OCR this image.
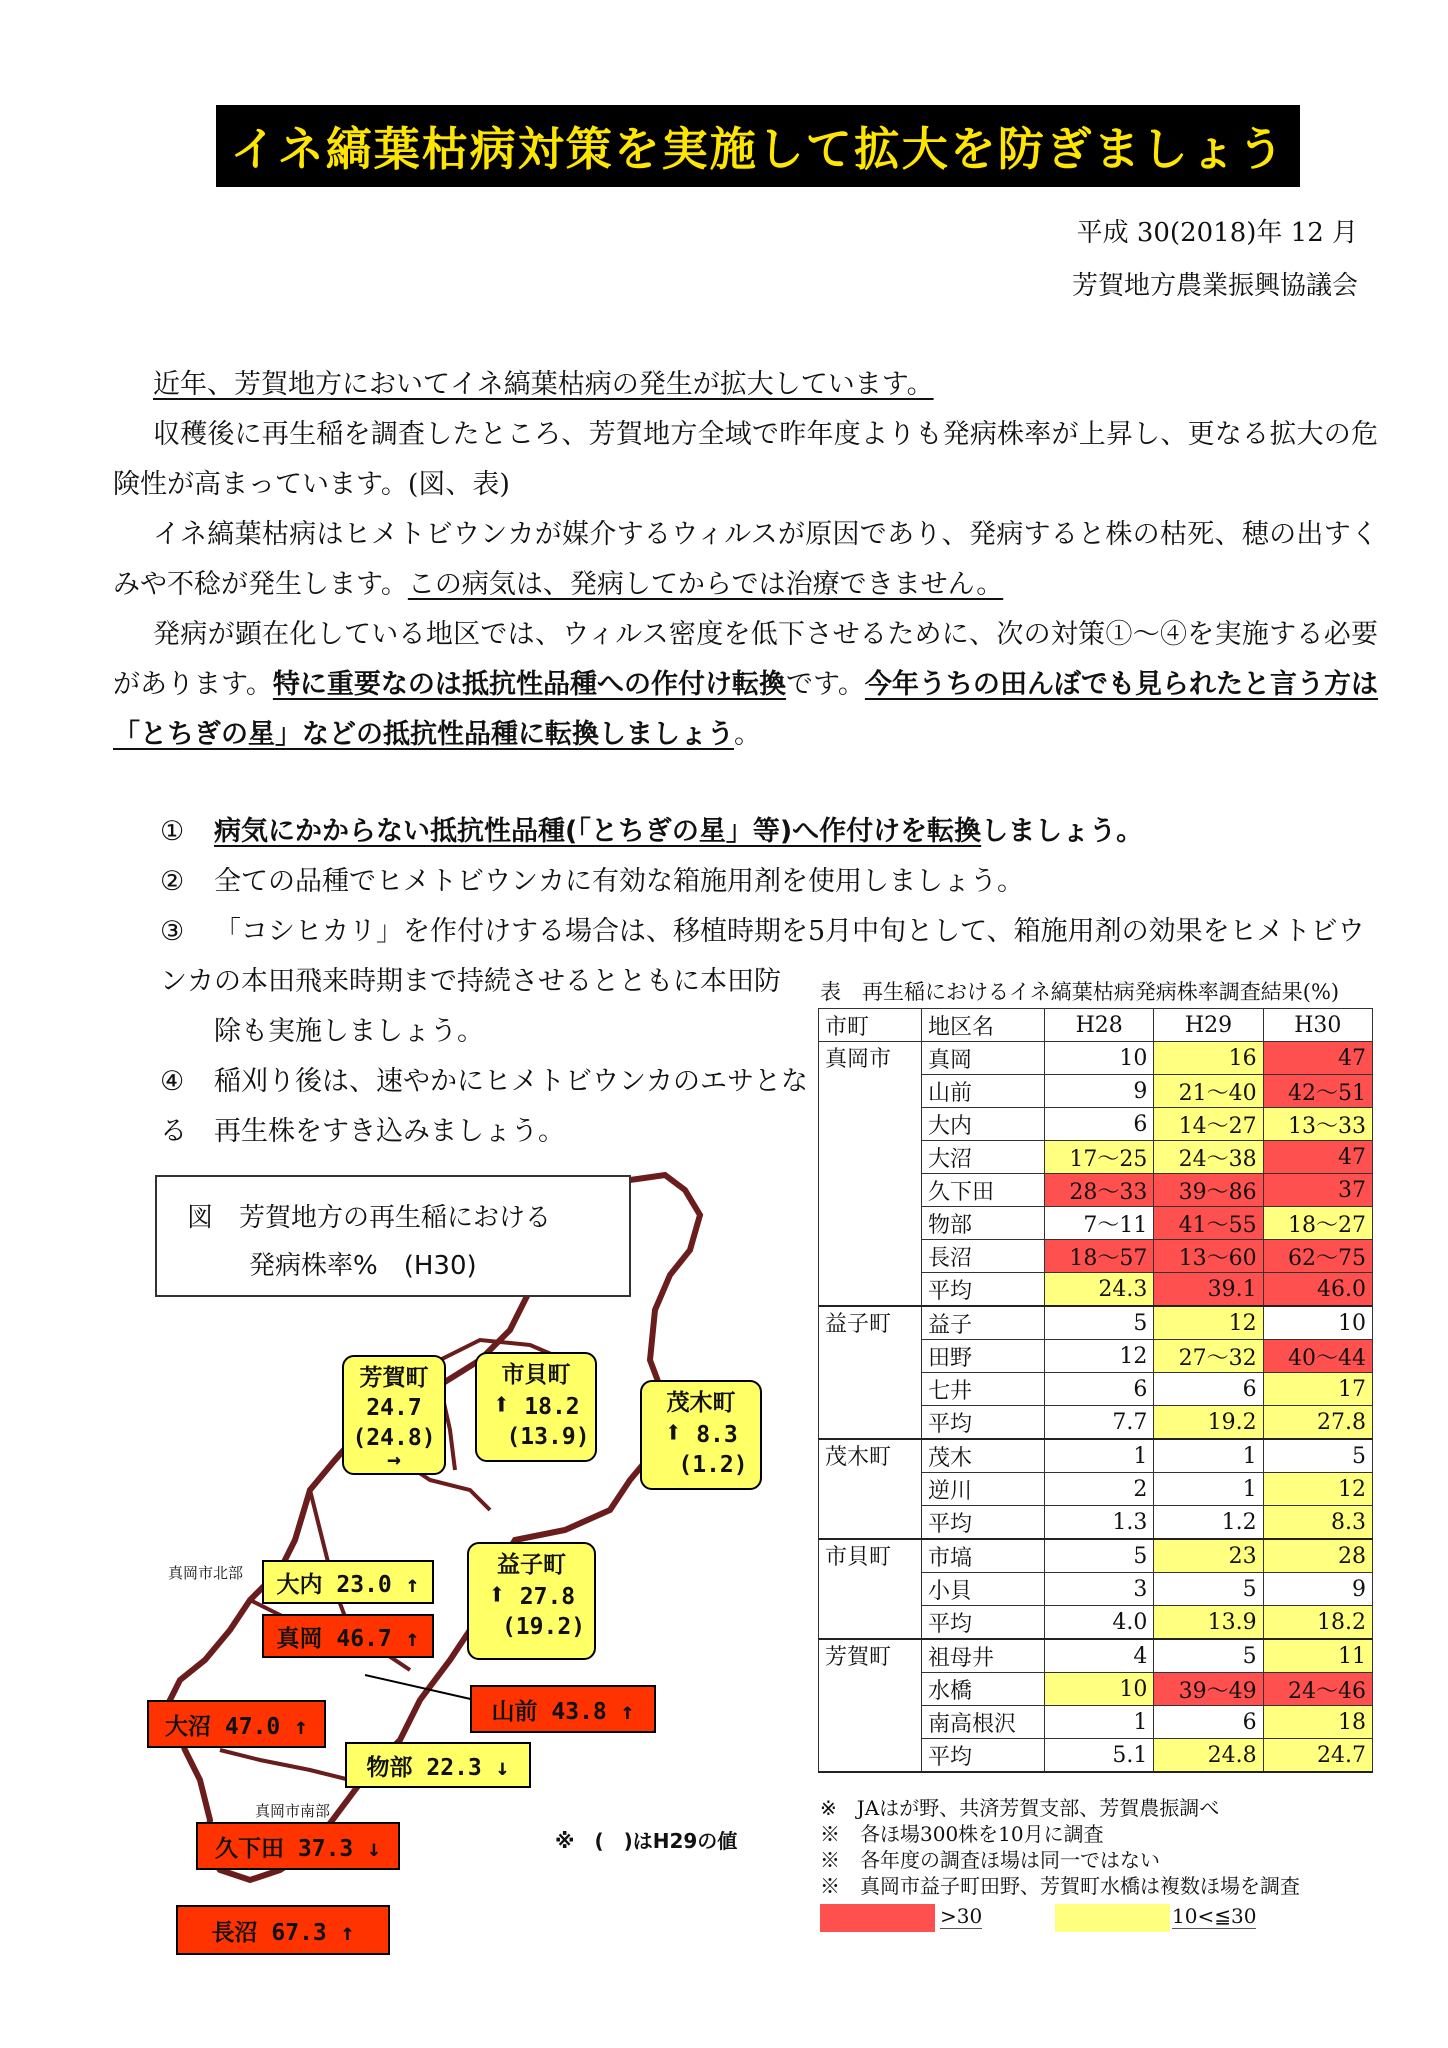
イネ縞葉枯病対策を実施して拡大を防ぎましょう
平成 30(2018)年 12 月
芳賀地方農業振興協議会

近年、芳賀地方においてイネ縞葉枯病の発生が拡大しています。

収穫後に再生稲を調査したところ、芳賀地方全域で昨年度よりも発病株率が上昇し、更なる拡大の危険性が高まっています。(図、表)

イネ縞葉枯病はヒメトビウンカが媒介するウィルスが原因であり、発病すると株の枯死、穂の出すくみや不稔が発生します。この病気は、発病してからでは治療できません。

発病が顕在化している地区では、ウィルス密度を低下させるために、次の対策①～④を実施する必要があります。特に重要なのは抵抗性品種への作付け転換です。今年うちの田んぼでも見られたと言う方は「とちぎの星」などの抵抗性品種に転換しましょう。

① 病気にかからない抵抗性品種(「とちぎの星」等)へ作付けを転換しましょう。
② 全ての品種でヒメトビウンカに有効な箱施用剤を使用しましょう。
③ 「コシヒカリ」を作付けする場合は、移植時期を5月中旬として、箱施用剤の効果をヒメトビウンカ の本田飛来時期まで持続させるとともに本田防
除も実施しましょう。
④ 稲刈り後は、速やかにヒメトビウンカのエサとなる	再生株をすき込みましょう。
表　再生稲におけるイネ縞葉枯病発病株率調査結果(%)
市町	地区名	H28	H29	H30
真岡市	真岡	10	16	47
	山前	9	21～40	42～51
	大内	6	14～27	13～33
	大沼	17～25	24～38	47
	久下田	28～33	39～86	37
	物部	7～11	41～55	18～27
	長沼	18～57	13～60	62～75
	平均	24.3	39.1	46.0
益子町	益子	5	12	10
	田野	12	27～32	40～44
	七井	6	6	17
	平均	7.7	19.2	27.8
茂木町	茂木	1	1	5
	逆川	2	1	12
	平均	1.3	1.2	8.3
市貝町	市塙	5	23	28
	小貝	3	5	9
	平均	4.0	13.9	18.2
芳賀町	祖母井	4	5	11
	水橋	10	39～49	24～46
	南高根沢	1	6	18
	平均	5.1	24.8	24.7
※　JAはが野、共済芳賀支部、芳賀農振調べ
※　各ほ場300株を10月に調査
※　各年度の調査ほ場は同一ではない
※　真岡市益子町田野、芳賀町水橋は複数ほ場を調査
>30	10<≦30
図　芳賀地方の再生稲における
発病株率%　(H30)
芳賀町
24.7
(24.8)
→
市貝町
⬆ 18.2
(13.9)
茂木町
⬆ 8.3
(1.2)
益子町
⬆ 27.8
(19.2)
真岡市北部	大内 23.0 ↑
真岡 46.7 ↑
山前 43.8 ↑
大沼 47.0 ↑
物部 22.3 ↓
真岡市南部
久下田 37.3 ↓	※　(　)はH29の値
長沼 67.3 ↑
